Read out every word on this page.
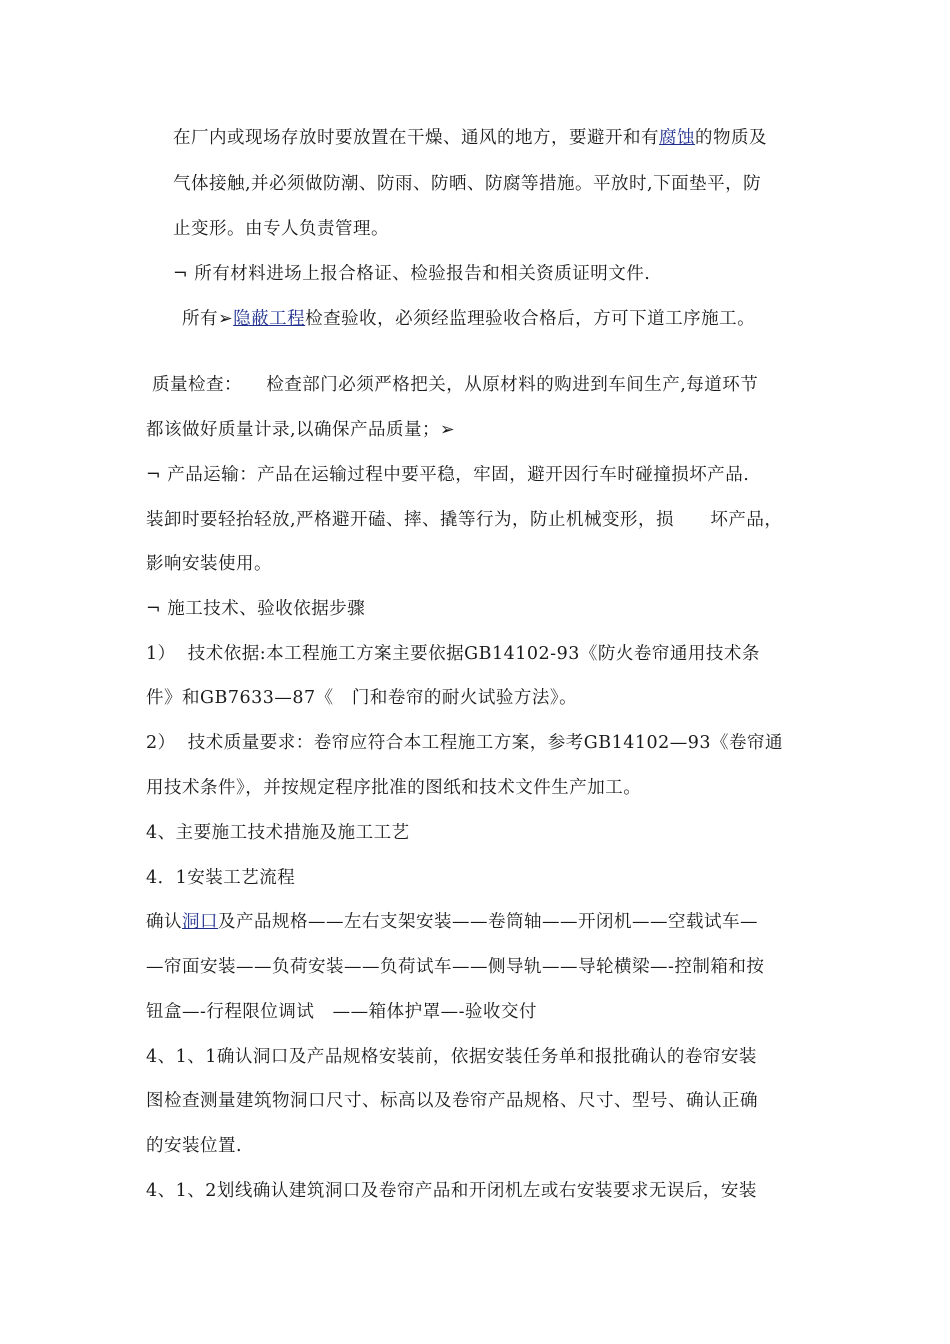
在厂内或现场存放时要放置在干燥、通风的地方，要避开和有腐蚀的物质及

气体接触,并必须做防潮、防雨、防晒、防腐等措施。平放时,下面垫平，防

止变形。由专人负责管理。

¬ 所有材料进场上报合格证、检验报告和相关资质证明文件.

所有➢隐蔽工程检查验收，必须经监理验收合格后，方可下道工序施工。

质量检查：    检查部门必须严格把关，从原材料的购进到车间生产,每道环节

都该做好质量计录,以确保产品质量；➢

¬ 产品运输：产品在运输过程中要平稳，牢固，避开因行车时碰撞损坏产品.

装卸时要轻抬轻放,严格避开磕、摔、撬等行为，防止机械变形，损      坏产品，

影响安装使用。

¬ 施工技术、验收依据步骤

1）  技术依据:本工程施工方案主要依据GB14102-93《防火卷帘通用技术条

件》和GB7633—87《   门和卷帘的耐火试验方法》。

2）  技术质量要求：卷帘应符合本工程施工方案，参考GB14102—93《卷帘通

用技术条件》，并按规定程序批准的图纸和技术文件生产加工。

4、主要施工技术措施及施工工艺

4．1安装工艺流程

确认洞口及产品规格——左右支架安装——卷筒轴——开闭机——空载试车—

—帘面安装——负荷安装——负荷试车——侧导轨——导轮横梁—-控制箱和按

钮盒—-行程限位调试   ——箱体护罩—-验收交付

4、1、1确认洞口及产品规格安装前，依据安装任务单和报批确认的卷帘安装

图检查测量建筑物洞口尺寸、标高以及卷帘产品规格、尺寸、型号、确认正确

的安装位置.

4、1、2划线确认建筑洞口及卷帘产品和开闭机左或右安装要求无误后，安装
